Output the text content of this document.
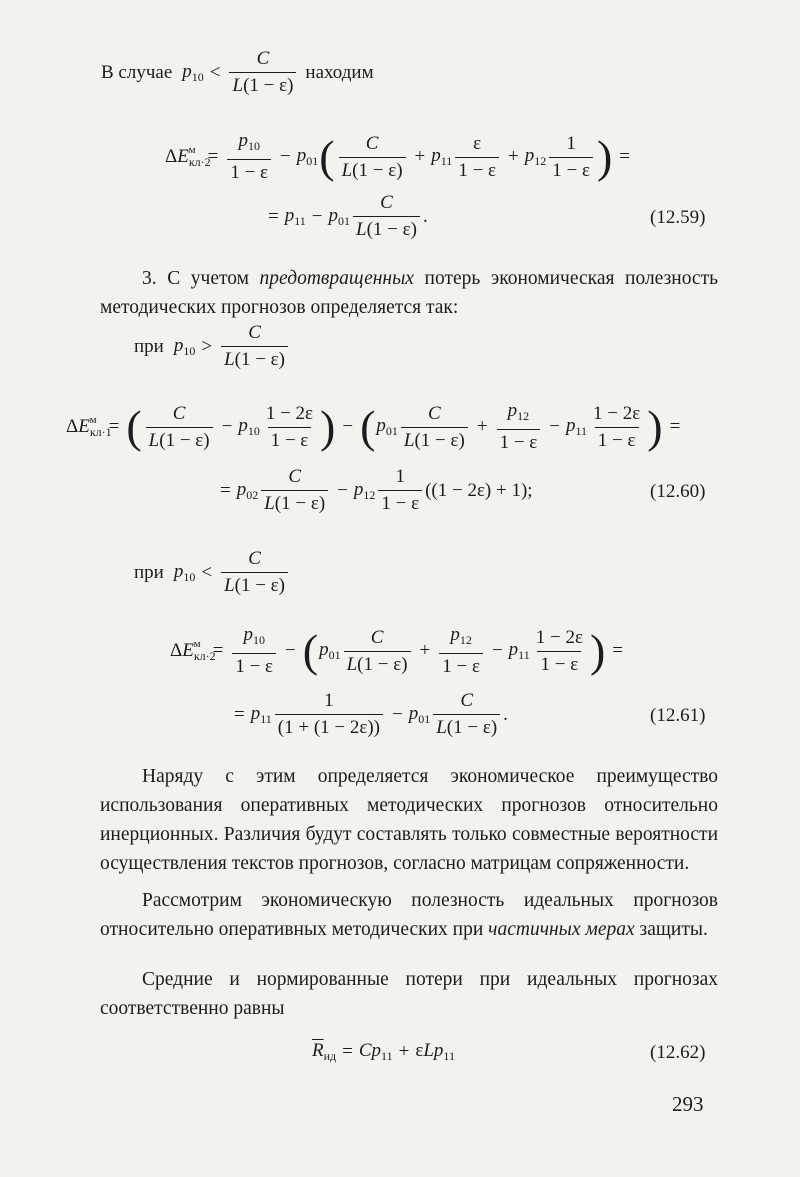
В случае $p_{10} < \frac{C}{L(1 - \varepsilon)}$ находим
$\Delta E_{кл\cdot 2}^м = \frac{p_{10}}{1 - \varepsilon} - p_{01}$ ( $\frac{C}{L(1 - \varepsilon)} + p_{11} \frac{\varepsilon}{1 - \varepsilon} + p_{12} \frac{1}{1 - \varepsilon}$ ) =
= $p_{11} - p_{01} \frac{C}{L(1 - \varepsilon)}$ .	(12.59)
3. С учетом предотвращенных потерь экономическая полезность методических прогнозов определяется так:
при $p_{10} > \frac{C}{L(1 - \varepsilon)}$
$\Delta E_{кл\cdot 1}^м$ = ( $\frac{C}{L(1 - \varepsilon)} - p_{10} \frac{1 - 2\varepsilon}{1 - \varepsilon}$ ) − ( $p_{01} \frac{C}{L(1 - \varepsilon)} + \frac{p_{12}}{1 - \varepsilon} - p_{11} \frac{1 - 2\varepsilon}{1 - \varepsilon}$ ) =
= $p_{02} \frac{C}{L(1 - \varepsilon)} - p_{12} \frac{1}{1 - \varepsilon} ((1 - 2\varepsilon) + 1)$;	(12.60)
при $p_{10} < \frac{C}{L(1 - \varepsilon)}$
$\Delta E_{кл\cdot 2}^м = \frac{p_{10}}{1 - \varepsilon}$ − ( $p_{01} \frac{C}{L(1 - \varepsilon)} + \frac{p_{12}}{1 - \varepsilon} - p_{11} \frac{1 - 2\varepsilon}{1 - \varepsilon}$ ) =
= $p_{11} \frac{1}{(1 + (1 - 2\varepsilon))} - p_{01} \frac{C}{L(1 - \varepsilon)}$ .	(12.61)
Наряду с этим определяется экономическое преимущество использования оперативных методических прогнозов относительно инерционных. Различия будут составлять только совместные вероятности осуществления текстов прогнозов, согласно матрицам сопряженности.
Рассмотрим экономическую полезность идеальных прогнозов относительно оперативных методических при частичных мерах защиты.
Средние и нормированные потери при идеальных прогнозах соответственно равны
$\overline{R}_{ид} = Cp_{11} + \varepsilon Lp_{11}$	(12.62)
293
